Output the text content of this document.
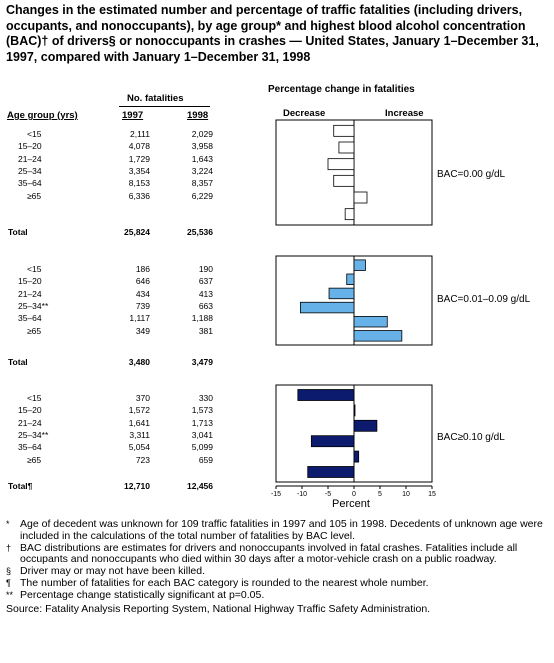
Changes in the estimated number and percentage of traffic fatalities (including drivers, occupants, and nonoccupants), by age group* and highest blood alcohol concentration (BAC)† of drivers§ or nonoccupants in crashes — United States, January 1–December 31, 1997, compared with January 1–December 31, 1998
No. fatalities
Age group (yrs)	1997	1998
<15	2,111	2,029
15–20	4,078	3,958
21–24	1,729	1,643
25–34	3,354	3,224
35–64	8,153	8,357
≥65	6,336	6,229
Total	25,824	25,536
<15	186	190
15–20	646	637
21–24	434	413
25–34**	739	663
35–64	1,117	1,188
≥65	349	381
Total	3,480	3,479
<15	370	330
15–20	1,572	1,573
21–24	1,641	1,713
25–34**	3,311	3,041
35–64	5,054	5,099
≥65	723	659
Total¶	12,710	12,456
Percentage change in fatalities
Decrease	Increase
BAC=0.00 g/dL
BAC=0.01–0.09 g/dL
BAC≥0.10 g/dL
-15 -10	-5	0	5	10	15
Percent

* Age of decedent was unknown for 109 traffic fatalities in 1997 and 105 in 1998. Decedents of unknown age were included in the calculations of the total number of fatalities by BAC level.

† BAC distributions are estimates for drivers and nonoccupants involved in fatal crashes. Fatalities include all occupants and nonoccupants who died within 30 days after a motor-vehicle crash on a public roadway.

§ Driver may or may not have been killed.

¶ The number of fatalities for each BAC category is rounded to the nearest whole number.

** Percentage change statistically significant at p=0.05.

Source: Fatality Analysis Reporting System, National Highway Traffic Safety Administration.
